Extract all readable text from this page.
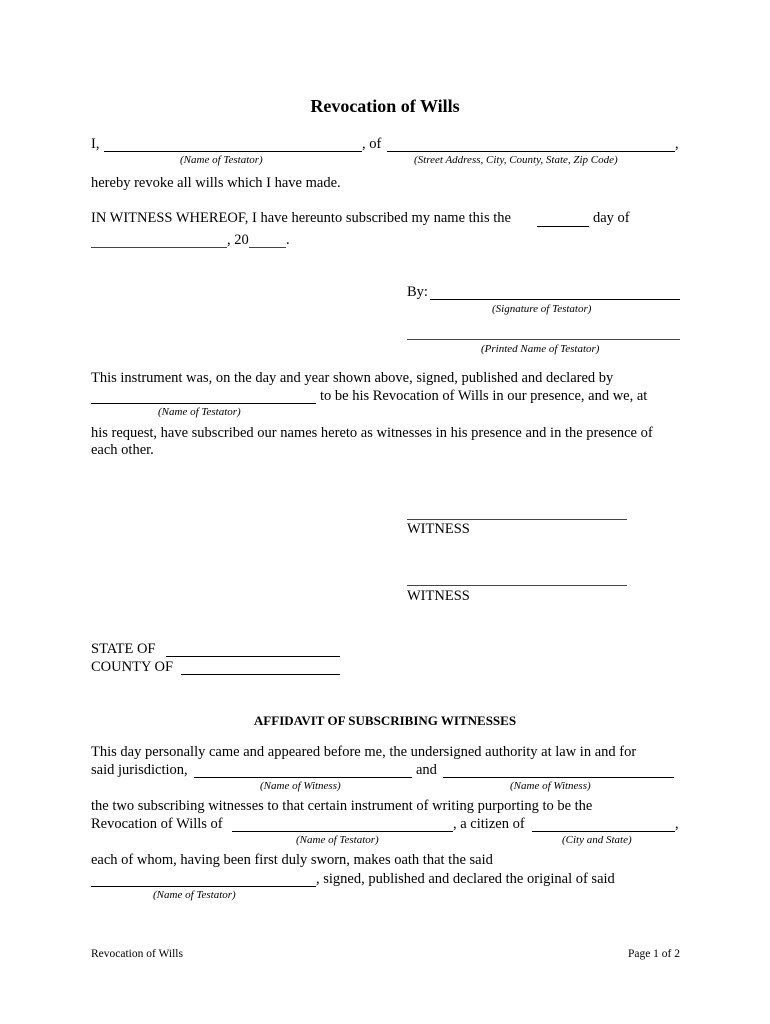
Revocation of Wills
I,	, of	,
(Name of Testator)	(Street Address, City, County, State, Zip Code)
hereby revoke all wills which I have made.
IN WITNESS WHEREOF, I have hereunto subscribed my name this the	day of
, 20	.
By:
(Signature of Testator)
(Printed Name of Testator)
This instrument was, on the day and year shown above, signed, published and declared by
to be his Revocation of Wills in our presence, and we, at
(Name of Testator)
his request, have subscribed our names hereto as witnesses in his presence and in the presence of
each other.
WITNESS
WITNESS
STATE OF
COUNTY OF
AFFIDAVIT OF SUBSCRIBING WITNESSES
This day personally came and appeared before me, the undersigned authority at law in and for
said jurisdiction,	and
(Name of Witness)	(Name of Witness)
the two subscribing witnesses to that certain instrument of writing purporting to be the
Revocation of Wills of	, a citizen of	,
(Name of Testator)	(City and State)
each of whom, having been first duly sworn, makes oath that the said
, signed, published and declared the original of said
(Name of Testator)
Revocation of Wills	Page 1 of 2
